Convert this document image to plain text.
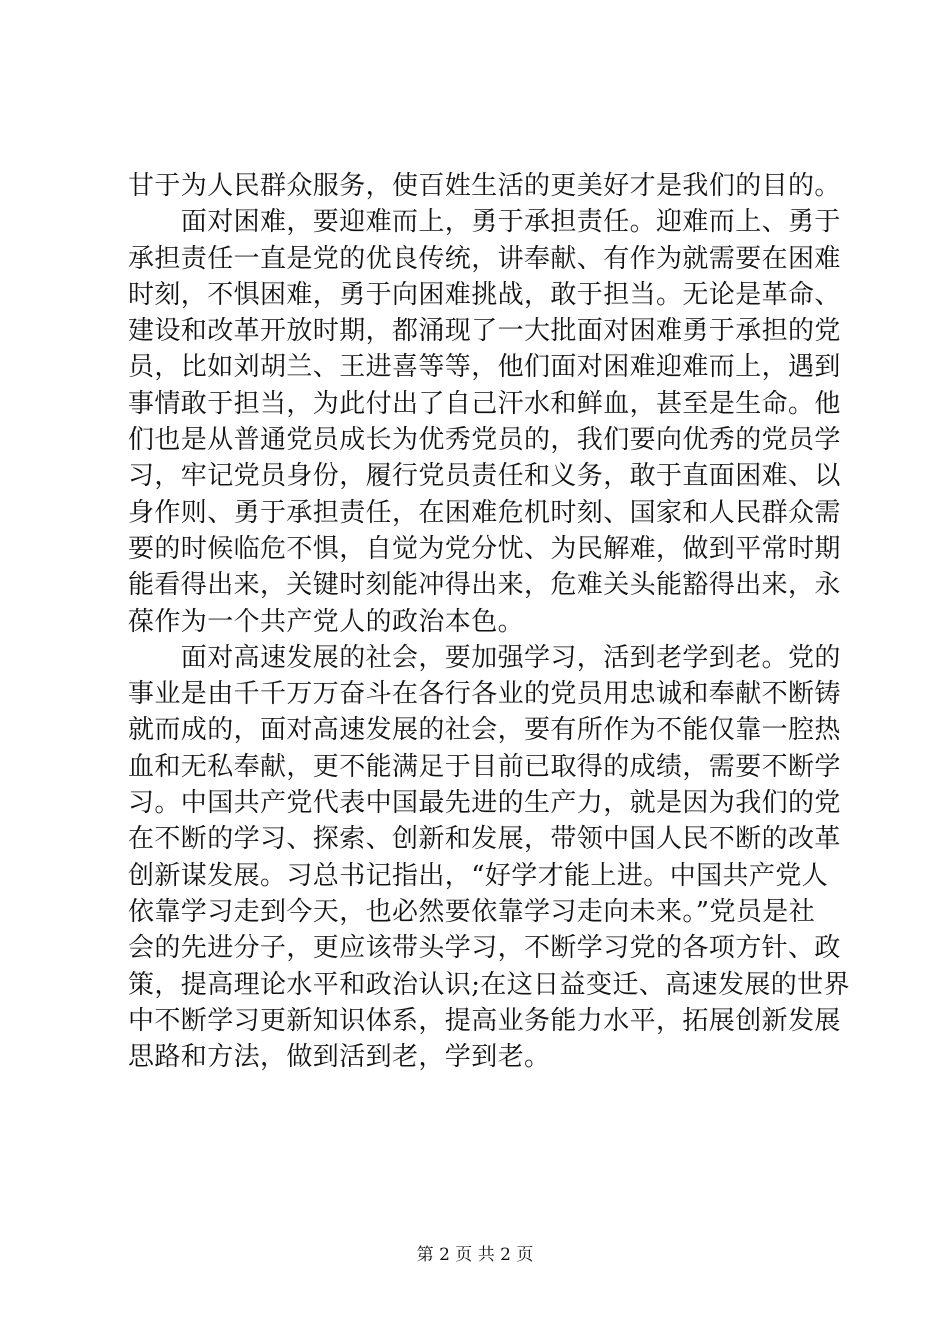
甘于为人民群众服务，使百姓生活的更美好才是我们的目的。
　　面对困难，要迎难而上，勇于承担责任。迎难而上、勇于
承担责任一直是党的优良传统，讲奉献、有作为就需要在困难
时刻，不惧困难，勇于向困难挑战，敢于担当。无论是革命、
建设和改革开放时期，都涌现了一大批面对困难勇于承担的党
员，比如刘胡兰、王进喜等等，他们面对困难迎难而上，遇到
事情敢于担当，为此付出了自己汗水和鲜血，甚至是生命。他
们也是从普通党员成长为优秀党员的，我们要向优秀的党员学
习，牢记党员身份，履行党员责任和义务，敢于直面困难、以
身作则、勇于承担责任，在困难危机时刻、国家和人民群众需
要的时候临危不惧，自觉为党分忧、为民解难，做到平常时期
能看得出来，关键时刻能冲得出来，危难关头能豁得出来，永
葆作为一个共产党人的政治本色。
　　面对高速发展的社会，要加强学习，活到老学到老。党的
事业是由千千万万奋斗在各行各业的党员用忠诚和奉献不断铸
就而成的，面对高速发展的社会，要有所作为不能仅靠一腔热
血和无私奉献，更不能满足于目前已取得的成绩，需要不断学
习。中国共产党代表中国最先进的生产力，就是因为我们的党
在不断的学习、探索、创新和发展，带领中国人民不断的改革
创新谋发展。习总书记指出，“好学才能上进。中国共产党人
依靠学习走到今天，也必然要依靠学习走向未来。”党员是社
会的先进分子，更应该带头学习，不断学习党的各项方针、政
策，提高理论水平和政治认识;在这日益变迁、高速发展的世界
中不断学习更新知识体系，提高业务能力水平，拓展创新发展
思路和方法，做到活到老，学到老。
第 2 页 共 2 页
